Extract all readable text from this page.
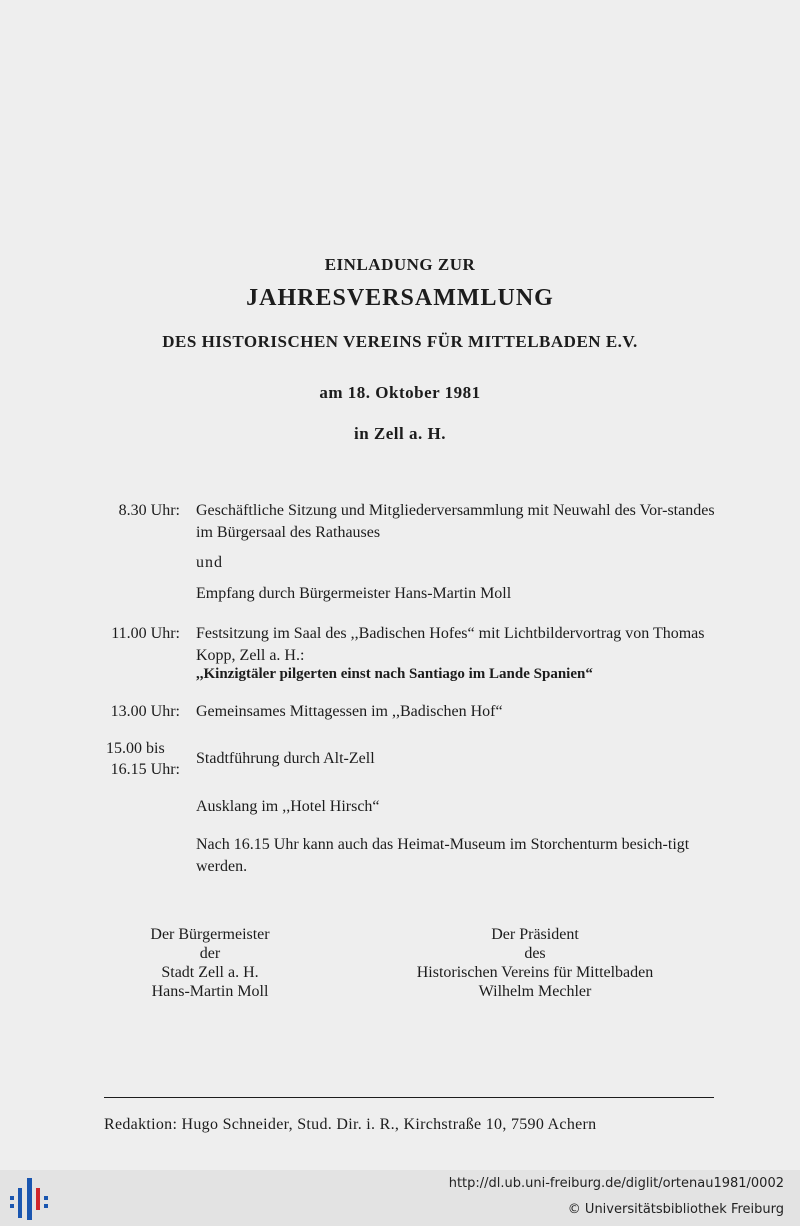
EINLADUNG ZUR
JAHRESVERSAMMLUNG
DES HISTORISCHEN VEREINS FÜR MITTELBADEN E.V.
am 18. Oktober 1981
in Zell a. H.
8.30 Uhr: Geschäftliche Sitzung und Mitgliederversammlung mit Neuwahl des Vor-standes im Bürgersaal des Rathauses
und
Empfang durch Bürgermeister Hans-Martin Moll
11.00 Uhr: Festsitzung im Saal des ,,Badischen Hofes“ mit Lichtbildervortrag von Thomas Kopp, Zell a. H.:
,,Kinzigtäler pilgerten einst nach Santiago im Lande Spanien“
13.00 Uhr: Gemeinsames Mittagessen im ,,Badischen Hof“
15.00 bis
16.15 Uhr:
Stadtführung durch Alt-Zell
Ausklang im ,,Hotel Hirsch“
Nach 16.15 Uhr kann auch das Heimat-Museum im Storchenturm besich-tigt werden.
Der Bürgermeister
der
Stadt Zell a. H.
Hans-Martin Moll
Der Präsident
des
Historischen Vereins für Mittelbaden
Wilhelm Mechler
Redaktion: Hugo Schneider, Stud. Dir. i. R., Kirchstraße 10, 7590 Achern
http://dl.ub.uni-freiburg.de/diglit/ortenau1981/0002
© Universitätsbibliothek Freiburg
